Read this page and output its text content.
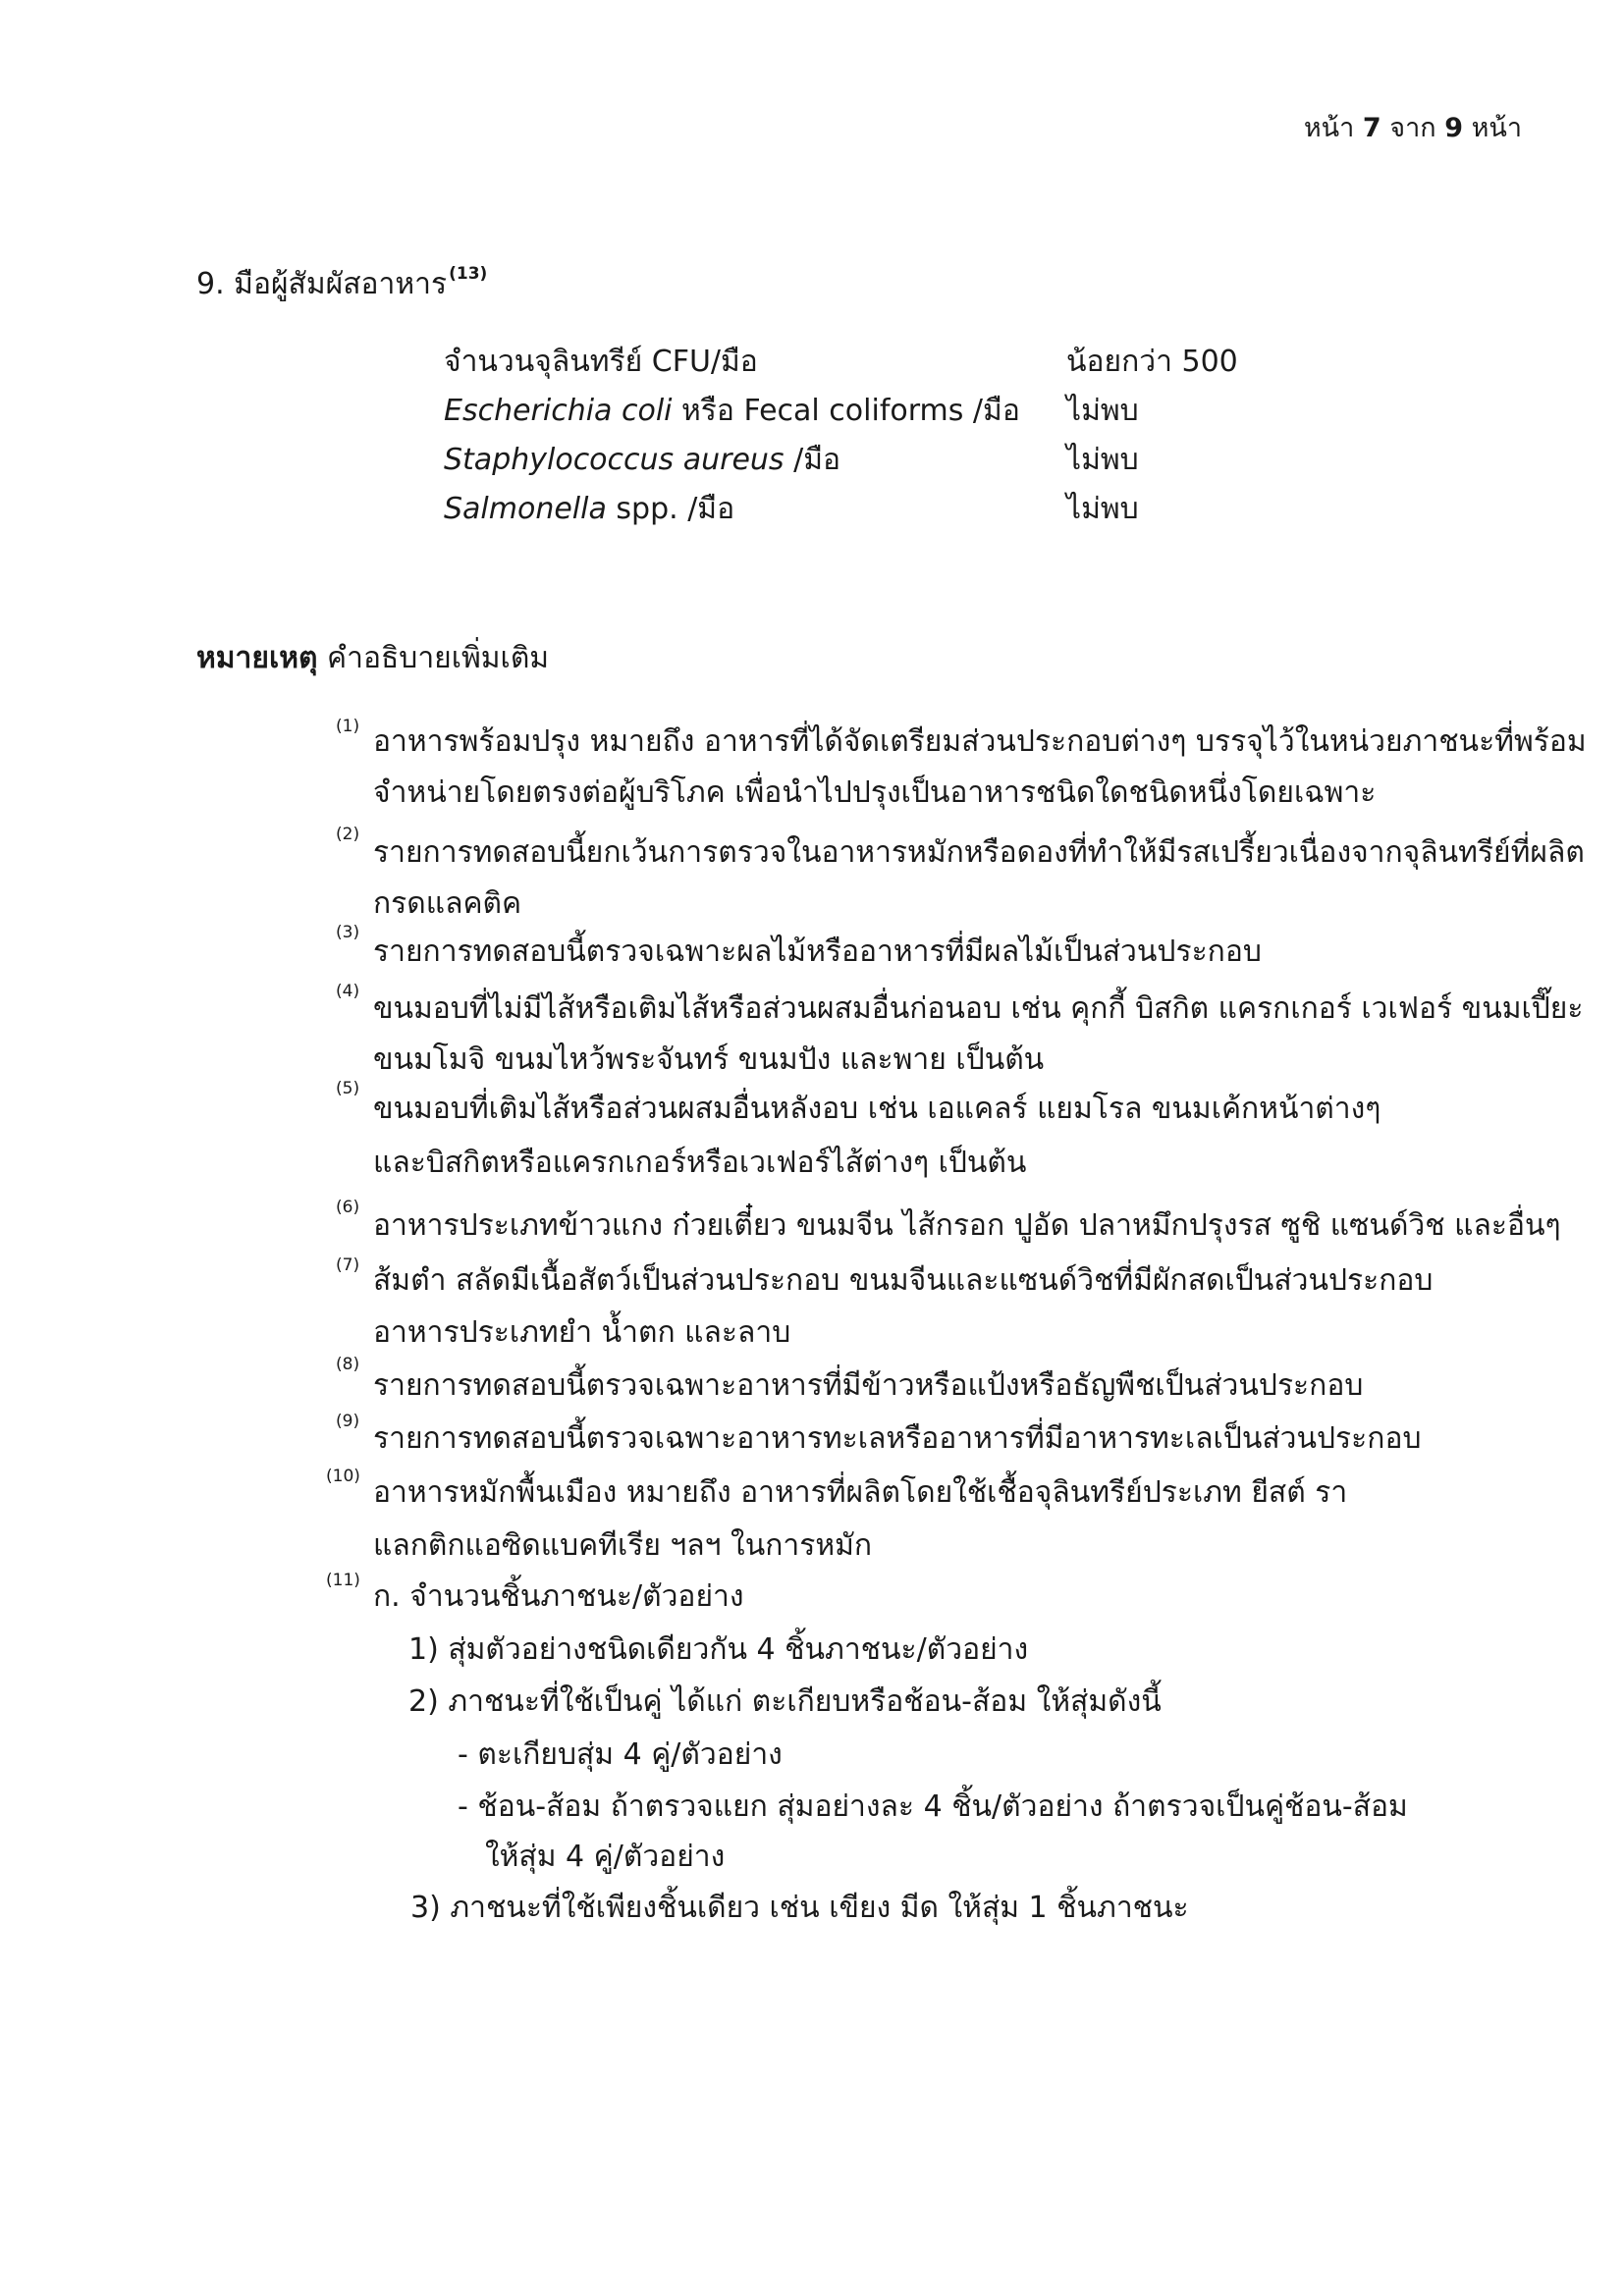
หน้า 7 จาก 9 หน้า
9. มือผู้สัมผัสอาหาร $^{(13)}$
จำนวนจุลินทรีย์ CFU/มือ	น้อยกว่า 500
Escherichia coli หรือ Fecal coliforms /มือ ไม่พบ
Staphylococcus aureus /มือ	ไม่พบ
Salmonella spp. /มือ	ไม่พบ
หมายเหตุ คำอธิบายเพิ่มเติม
(1) อาหารพร้อมปรุง หมายถึง อาหารที่ได้จัดเตรียมส่วนประกอบต่างๆ บรรจุไว้ในหน่วยภาชนะที่พร้อม
จำหน่ายโดยตรงต่อผู้บริโภค เพื่อนำไปปรุงเป็นอาหารชนิดใดชนิดหนึ่งโดยเฉพาะ
(2)
รายการทดสอบนี้ยกเว้นการตรวจในอาหารหมักหรือดองที่ทำให้มีรสเปรี้ยวเนื่องจากจุลินทรีย์ที่ผลิต
กรดแลคติค
(3)
รายการทดสอบนี้ตรวจเฉพาะผลไม้หรืออาหารที่มีผลไม้เป็นส่วนประกอบ
(4) ขนมอบที่ไม่มีไส้หรือเติมไส้หรือส่วนผสมอื่นก่อนอบ เช่น คุกกี้ บิสกิต แครกเกอร์ เวเฟอร์ ขนมเปี๊ยะ
ขนมโมจิ ขนมไหว้พระจันทร์ ขนมปัง และพาย เป็นต้น
(5)
ขนมอบที่เติมไส้หรือส่วนผสมอื่นหลังอบ เช่น เอแคลร์ แยมโรล ขนมเค้กหน้าต่างๆ
และบิสกิตหรือแครกเกอร์หรือเวเฟอร์ไส้ต่างๆ เป็นต้น
(6)
อาหารประเภทข้าวแกง ก๋วยเตี๋ยว ขนมจีน ไส้กรอก ปูอัด ปลาหมึกปรุงรส ซูชิ แซนด์วิช และอื่นๆ
(7) ส้มตำ สลัดมีเนื้อสัตว์เป็นส่วนประกอบ ขนมจีนและแซนด์วิชที่มีผักสดเป็นส่วนประกอบ
อาหารประเภทยำ น้ำตก และลาบ
(8)
รายการทดสอบนี้ตรวจเฉพาะอาหารที่มีข้าวหรือแป้งหรือธัญพืชเป็นส่วนประกอบ
(9) รายการทดสอบนี้ตรวจเฉพาะอาหารทะเลหรืออาหารที่มีอาหารทะเลเป็นส่วนประกอบ
(10) อาหารหมักพื้นเมือง หมายถึง อาหารที่ผลิตโดยใช้เชื้อจุลินทรีย์ประเภท ยีสต์ รา
แลกติกแอซิดแบคทีเรีย ฯลฯ ในการหมัก
(11) ก. จำนวนชิ้นภาชนะ/ตัวอย่าง
1) สุ่มตัวอย่างชนิดเดียวกัน 4 ชิ้นภาชนะ/ตัวอย่าง
2) ภาชนะที่ใช้เป็นคู่ ได้แก่ ตะเกียบหรือช้อน-ส้อม ให้สุ่มดังนี้
- ตะเกียบสุ่ม 4 คู่/ตัวอย่าง
- ช้อน-ส้อม ถ้าตรวจแยก สุ่มอย่างละ 4 ชิ้น/ตัวอย่าง ถ้าตรวจเป็นคู่ช้อน-ส้อม
ให้สุ่ม 4 คู่/ตัวอย่าง
3) ภาชนะที่ใช้เพียงชิ้นเดียว เช่น เขียง มีด ให้สุ่ม 1 ชิ้นภาชนะ
